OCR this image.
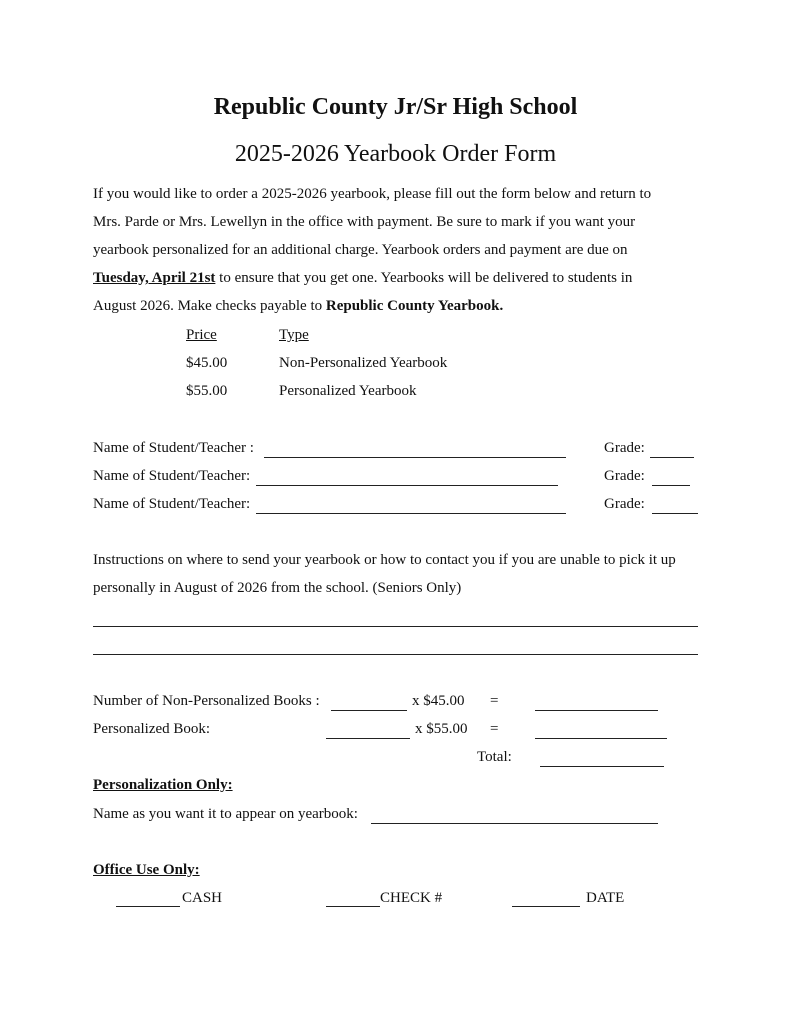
Republic County Jr/Sr High School
2025-2026 Yearbook Order Form
If you would like to order a 2025-2026 yearbook, please fill out the form below and return to
Mrs. Parde or Mrs. Lewellyn in the office with payment. Be sure to mark if you want your
yearbook personalized for an additional charge. Yearbook orders and payment are due on
Tuesday, April 21st to ensure that you get one. Yearbooks will be delivered to students in
August 2026. Make checks payable to Republic County Yearbook.
Price	Type
$45.00	Non-Personalized Yearbook
$55.00	Personalized Yearbook
Name of Student/Teacher :	Grade:
Name of Student/Teacher:	Grade:
Name of Student/Teacher:	Grade:
Instructions on where to send your yearbook or how to contact you if you are unable to pick it up
personally in August of 2026 from the school. (Seniors Only)
Number of Non-Personalized Books :	x $45.00 =
Personalized Book:	x $55.00 =
Total:
Personalization Only:
Name as you want it to appear on yearbook:
Office Use Only:
CASH	CHECK #	DATE
